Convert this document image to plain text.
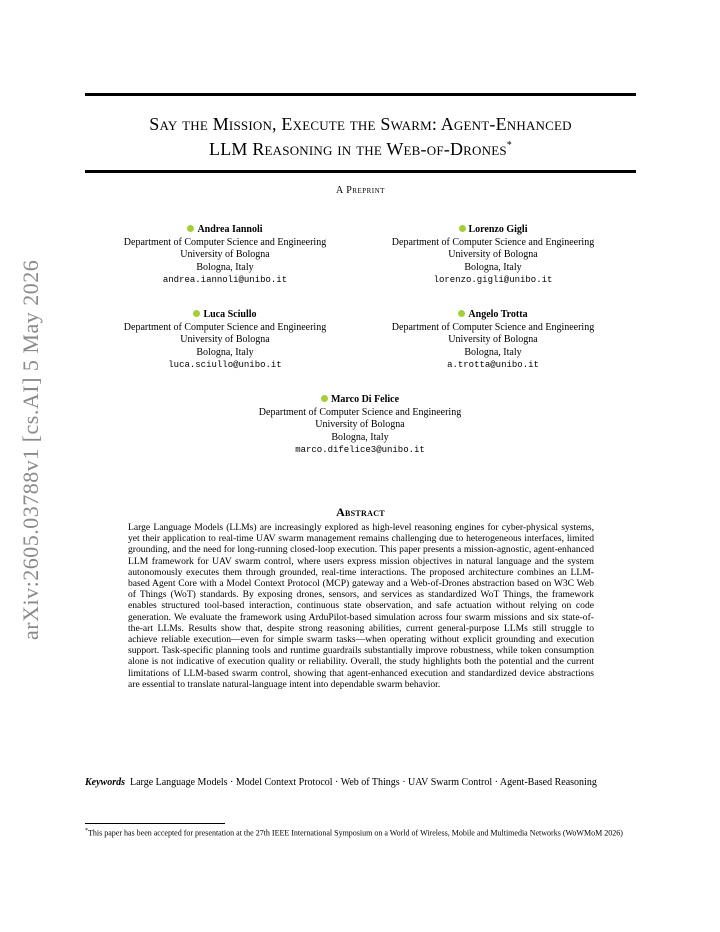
arXiv:2605.03788v1 [cs.AI] 5 May 2026
Say the Mission, Execute the Swarm: Agent-Enhanced
LLM Reasoning in the Web-of-Drones*
A Preprint
Andrea Iannoli
Department of Computer Science and Engineering
University of Bologna
Bologna, Italy
andrea.iannoli@unibo.it
Lorenzo Gigli
Department of Computer Science and Engineering
University of Bologna
Bologna, Italy
lorenzo.gigli@unibo.it
Luca Sciullo
Department of Computer Science and Engineering
University of Bologna
Bologna, Italy
luca.sciullo@unibo.it
Angelo Trotta
Department of Computer Science and Engineering
University of Bologna
Bologna, Italy
a.trotta@unibo.it
Marco Di Felice
Department of Computer Science and Engineering
University of Bologna
Bologna, Italy
marco.difelice3@unibo.it
Abstract
Large Language Models (LLMs) are increasingly explored as high-level reasoning engines for cyber-physical systems, yet their application to real-time UAV swarm management remains challenging due to heterogeneous interfaces, limited grounding, and the need for long-running closed-loop execution. This paper presents a mission-agnostic, agent-enhanced LLM framework for UAV swarm control, where users express mission objectives in natural language and the system autonomously executes them through grounded, real-time interactions. The proposed architecture combines an LLM-based Agent Core with a Model Context Protocol (MCP) gateway and a Web-of-Drones abstraction based on W3C Web of Things (WoT) standards. By exposing drones, sensors, and services as standardized WoT Things, the framework enables structured tool-based interaction, continuous state observation, and safe actuation without relying on code generation. We evaluate the framework using ArduPilot-based simulation across four swarm missions and six state-of-the-art LLMs. Results show that, despite strong reasoning abilities, current general-purpose LLMs still struggle to achieve reliable execution—even for simple swarm tasks—when operating without explicit grounding and execution support. Task-specific planning tools and runtime guardrails substantially improve robustness, while token consumption alone is not indicative of execution quality or reliability. Overall, the study highlights both the potential and the current limitations of LLM-based swarm control, showing that agent-enhanced execution and standardized device abstractions are essential to translate natural-language intent into dependable swarm behavior.
Keywords Large Language Models · Model Context Protocol · Web of Things · UAV Swarm Control · Agent-Based Reasoning
*This paper has been accepted for presentation at the 27th IEEE International Symposium on a World of Wireless, Mobile and Multimedia Networks (WoWMoM 2026)
